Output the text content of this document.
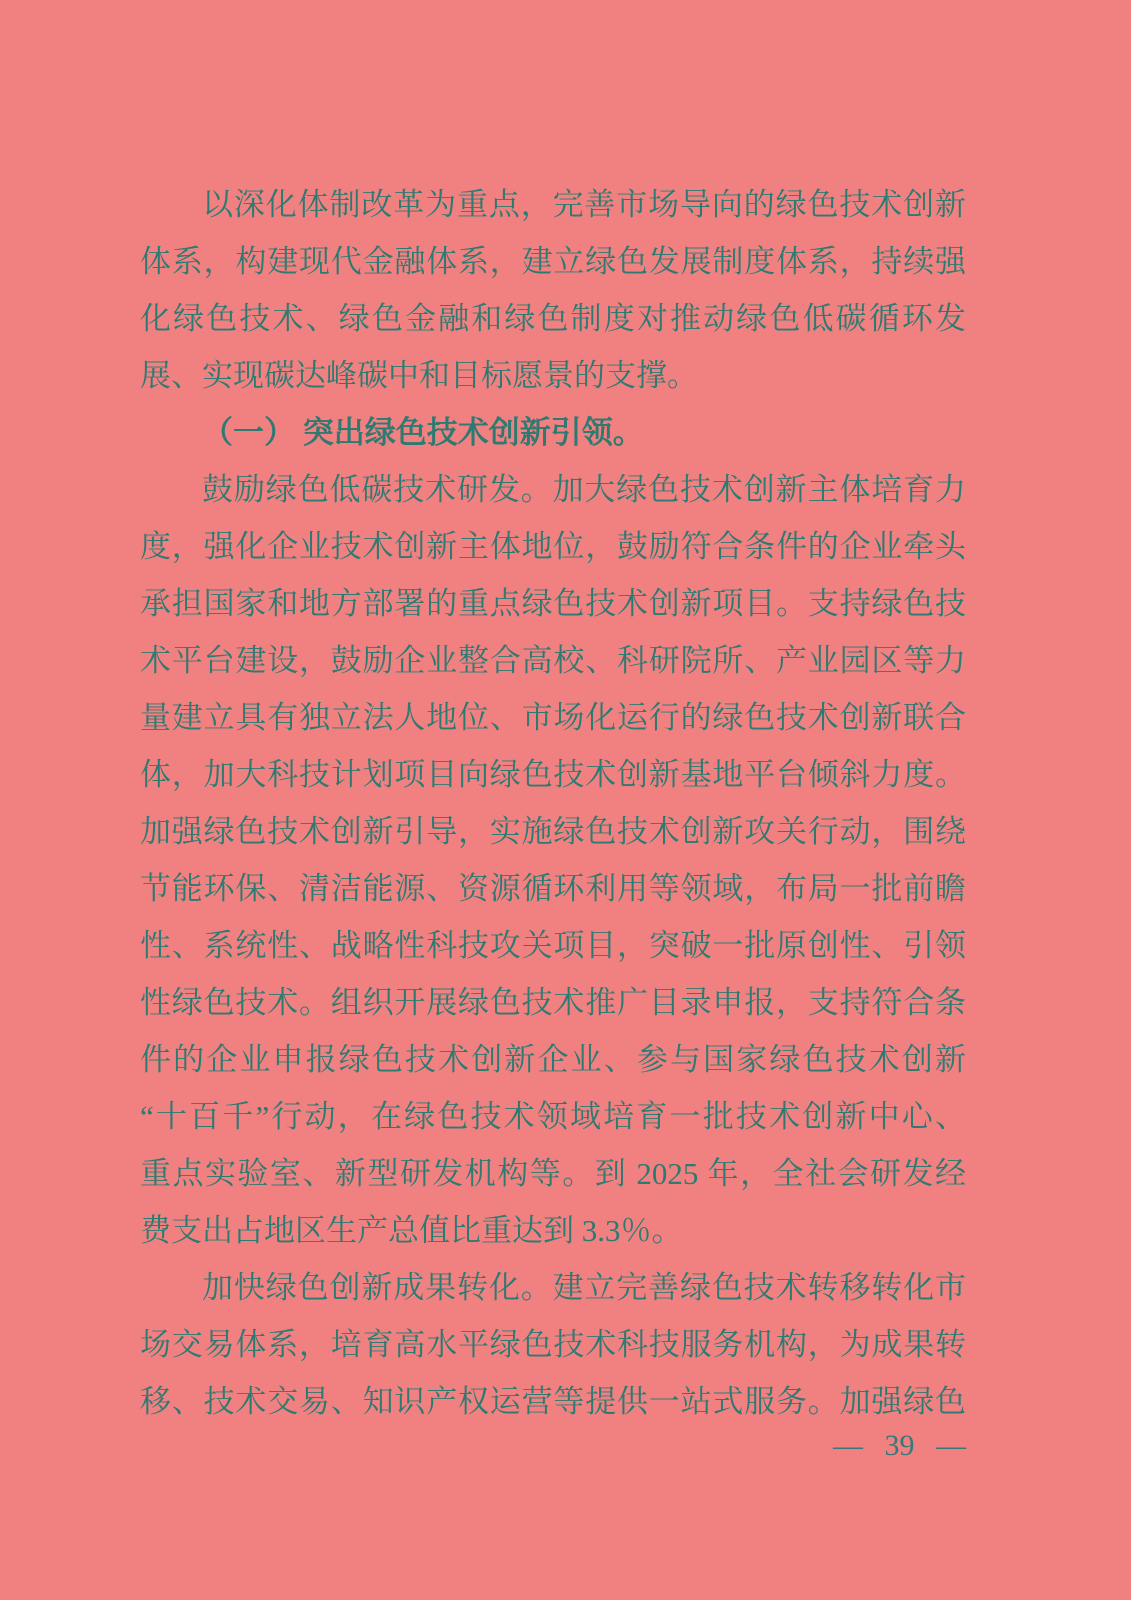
以深化体制改革为重点，完善市场导向的绿色技术创新
体系，构建现代金融体系，建立绿色发展制度体系，持续强
化绿色技术、绿色金融和绿色制度对推动绿色低碳循环发
展、实现碳达峰碳中和目标愿景的支撑。
（一） 突出绿色技术创新引领。
鼓励绿色低碳技术研发。加大绿色技术创新主体培育力
度，强化企业技术创新主体地位，鼓励符合条件的企业牵头
承担国家和地方部署的重点绿色技术创新项目。支持绿色技
术平台建设，鼓励企业整合高校、科研院所、产业园区等力
量建立具有独立法人地位、市场化运行的绿色技术创新联合
体，加大科技计划项目向绿色技术创新基地平台倾斜力度。
加强绿色技术创新引导，实施绿色技术创新攻关行动，围绕
节能环保、清洁能源、资源循环利用等领域，布局一批前瞻
性、系统性、战略性科技攻关项目，突破一批原创性、引领
性绿色技术。组织开展绿色技术推广目录申报，支持符合条
件的企业申报绿色技术创新企业、参与国家绿色技术创新
“十百千”行动，在绿色技术领域培育一批技术创新中心、
重点实验室、新型研发机构等。到 2025 年，全社会研发经
费支出占地区生产总值比重达到 3.3％。
加快绿色创新成果转化。建立完善绿色技术转移转化市
场交易体系，培育高水平绿色技术科技服务机构，为成果转
移、技术交易、知识产权运营等提供一站式服务。加强绿色
— 39 —
